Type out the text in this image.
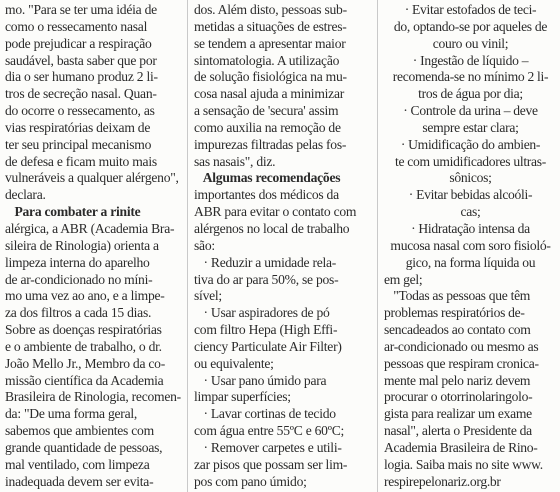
mo. "Para se ter uma idéia de
como o ressecamento nasal
pode prejudicar a respiração
saudável, basta saber que por
dia o ser humano produz 2 li-
tros de secreção nasal. Quan-
do ocorre o ressecamento, as
vias respiratórias deixam de
ter seu principal mecanismo
de defesa e ficam muito mais
vulneráveis a qualquer alérgeno",
declara.
Para combater a rinite
alérgica, a ABR (Academia Bra-
sileira de Rinologia) orienta a
limpeza interna do aparelho
de ar-condicionado no míni-
mo uma vez ao ano, e a limpe-
za dos filtros a cada 15 dias.
Sobre as doenças respiratórias
e o ambiente de trabalho, o dr.
João Mello Jr., Membro da co-
missão científica da Academia
Brasileira de Rinologia, recomen-
da: "De uma forma geral,
sabemos que ambientes com
grande quantidade de pessoas,
mal ventilado, com limpeza
inadequada devem ser evita-
dos. Além disto, pessoas sub-
metidas a situações de estres-
se tendem a apresentar maior
sintomatologia. A utilização
de solução fisiológica na mu-
cosa nasal ajuda a minimizar
a sensação de 'secura' assim
como auxilia na remoção de
impurezas filtradas pelas fos-
sas nasais", diz.
Algumas recomendações
importantes dos médicos da
ABR para evitar o contato com
alérgenos no local de trabalho
são:
· Reduzir a umidade rela-
tiva do ar para 50%, se pos-
sível;
· Usar aspiradores de pó
com filtro Hepa (High Effi-
ciency Particulate Air Filter)
ou equivalente;
· Usar pano úmido para
limpar superfícies;
· Lavar cortinas de tecido
com água entre 55ºC e 60ºC;
· Remover carpetes e utili-
zar pisos que possam ser lim-
pos com pano úmido;
· Evitar estofados de teci-
do, optando-se por aqueles de
couro ou vinil;
· Ingestão de líquido –
recomenda-se no mínimo 2 li-
tros de água por dia;
· Controle da urina – deve
sempre estar clara;
· Umidificação do ambien-
te com umidificadores ultras-
sônicos;
· Evitar bebidas alcoóli-
cas;
· Hidratação intensa da
mucosa nasal com soro fisioló-
gico, na forma líquida ou
em gel;
"Todas as pessoas que têm
problemas respiratórios de-
sencadeados ao contato com
ar-condicionado ou mesmo as
pessoas que respiram cronica-
mente mal pelo nariz devem
procurar o otorrinolaringolo-
gista para realizar um exame
nasal", alerta o Presidente da
Academia Brasileira de Rino-
logia. Saiba mais no site www.
respirepelonariz.org.br
